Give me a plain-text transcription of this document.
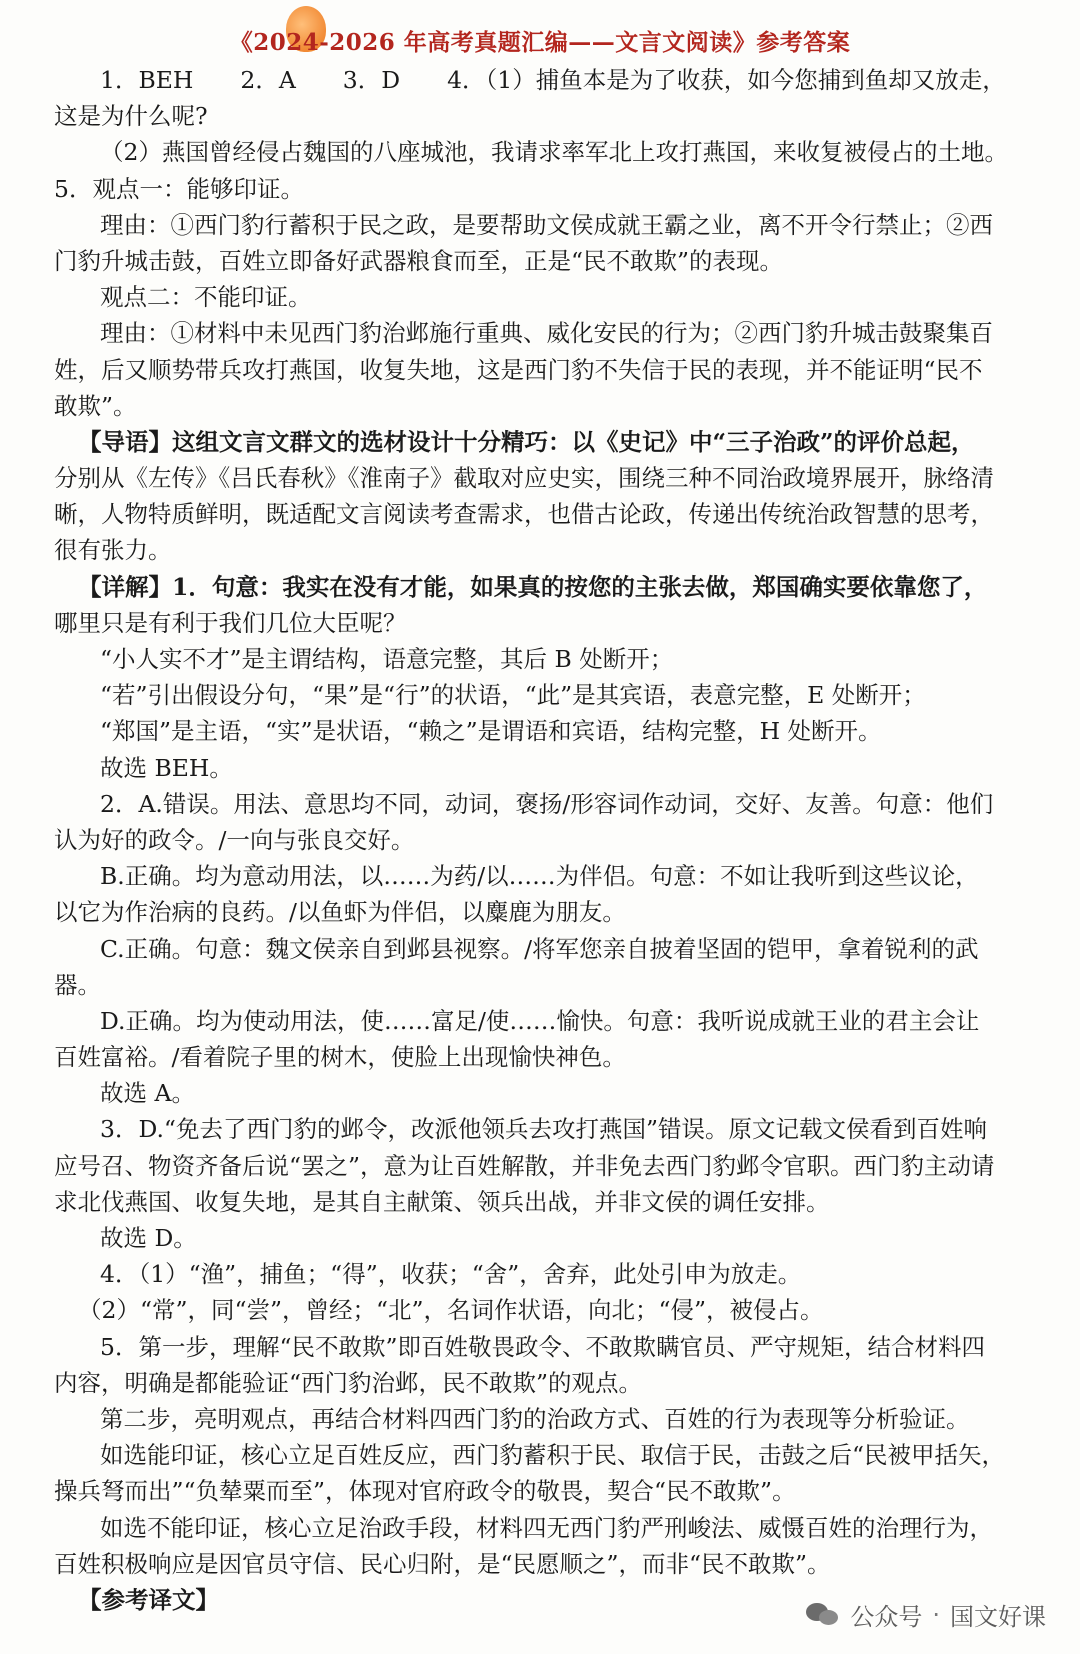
《2024-2026 年高考真题汇编——文言文阅读》参考答案
1．BEH　　2．A　　3．D　　4．（1）捕鱼本是为了收获，如今您捕到鱼却又放走，
这是为什么呢?
（2）燕国曾经侵占魏国的八座城池，我请求率军北上攻打燕国，来收复被侵占的土地。
5．观点一：能够印证。
理由：①西门豹行蓄积于民之政，是要帮助文侯成就王霸之业，离不开令行禁止；②西
门豹升城击鼓，百姓立即备好武器粮食而至，正是“民不敢欺”的表现。
观点二：不能印证。
理由：①材料中未见西门豹治邺施行重典、威化安民的行为；②西门豹升城击鼓聚集百
姓，后又顺势带兵攻打燕国，收复失地，这是西门豹不失信于民的表现，并不能证明“民不
敢欺”。
【导语】这组文言文群文的选材设计十分精巧：以《史记》中“三子治政”的评价总起，
分别从《左传》《吕氏春秋》《淮南子》截取对应史实，围绕三种不同治政境界展开，脉络清
晰，人物特质鲜明，既适配文言阅读考查需求，也借古论政，传递出传统治政智慧的思考，
很有张力。
【详解】1．句意：我实在没有才能，如果真的按您的主张去做，郑国确实要依靠您了，
哪里只是有利于我们几位大臣呢？
“小人实不才”是主谓结构，语意完整，其后 B 处断开；
“若”引出假设分句，“果”是“行”的状语，“此”是其宾语，表意完整，E 处断开；
“郑国”是主语，“实”是状语，“赖之”是谓语和宾语，结构完整，H 处断开。
故选 BEH。
2．A.错误。用法、意思均不同，动词，褒扬/形容词作动词，交好、友善。句意：他们
认为好的政令。/一向与张良交好。
B.正确。均为意动用法，以……为药/以……为伴侣。句意：不如让我听到这些议论，
以它为作治病的良药。/以鱼虾为伴侣，以麋鹿为朋友。
C.正确。句意：魏文侯亲自到邺县视察。/将军您亲自披着坚固的铠甲，拿着锐利的武
器。
D.正确。均为使动用法，使……富足/使……愉快。句意：我听说成就王业的君主会让
百姓富裕。/看着院子里的树木，使脸上出现愉快神色。
故选 A。
3．D.“免去了西门豹的邺令，改派他领兵去攻打燕国”错误。原文记载文侯看到百姓响
应号召、物资齐备后说“罢之”，意为让百姓解散，并非免去西门豹邺令官职。西门豹主动请
求北伐燕国、收复失地，是其自主献策、领兵出战，并非文侯的调任安排。
故选 D。
4．（1）“渔”，捕鱼；“得”，收获；“舍”，舍弃，此处引申为放走。
（2）“常”，同“尝”，曾经；“北”，名词作状语，向北；“侵”，被侵占。
5．第一步，理解“民不敢欺”即百姓敬畏政令、不敢欺瞒官员、严守规矩，结合材料四
内容，明确是都能验证“西门豹治邺，民不敢欺”的观点。
第二步，亮明观点，再结合材料四西门豹的治政方式、百姓的行为表现等分析验证。
如选能印证，核心立足百姓反应，西门豹蓄积于民、取信于民，击鼓之后“民被甲括矢，
操兵弩而出”“负辇粟而至”，体现对官府政令的敬畏，契合“民不敢欺”。
如选不能印证，核心立足治政手段，材料四无西门豹严刑峻法、威慑百姓的治理行为，
百姓积极响应是因官员守信、民心归附，是“民愿顺之”，而非“民不敢欺”。
【参考译文】
公众号 · 国文好课
